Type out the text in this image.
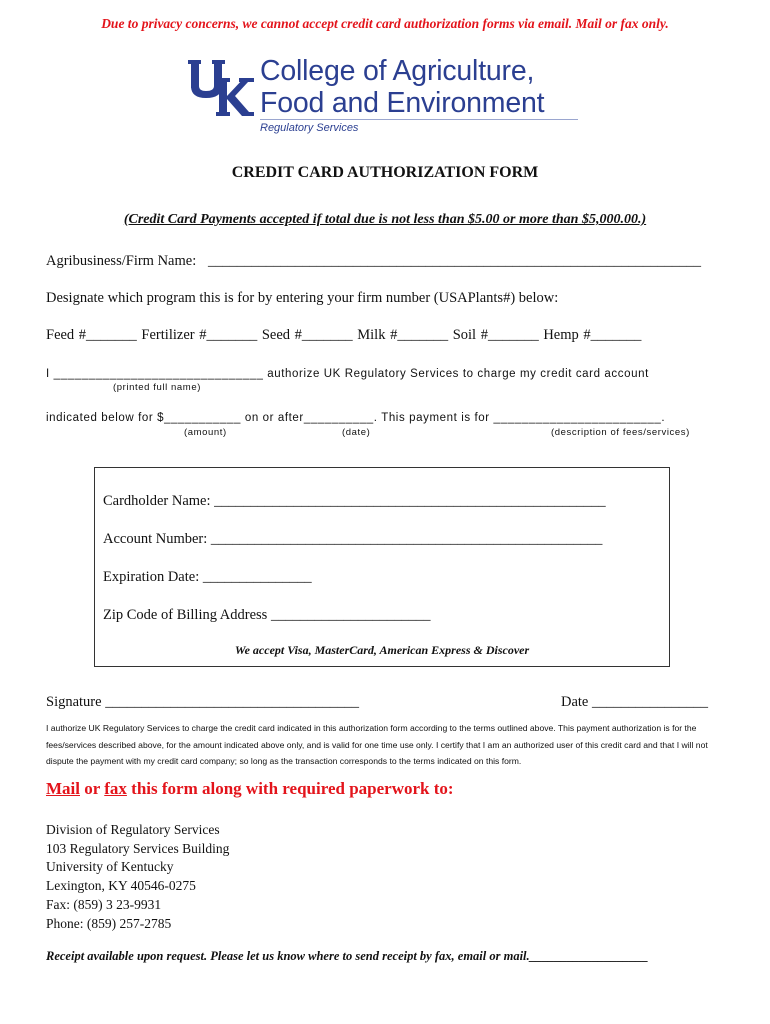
Due to privacy concerns, we cannot accept credit card authorization forms via email. Mail or fax only.
College of Agriculture,
Food and Environment
Regulatory Services
CREDIT CARD AUTHORIZATION FORM
(Credit Card Payments accepted if total due is not less than $5.00 or more than $5,000.00.)
Agribusiness/Firm Name: ____________________________________________________________________
Designate which program this is for by entering your firm number (USAPlants#) below:
Feed #_______ Fertilizer #_______ Seed #_______ Milk #_______ Soil #_______ Hemp #_______
I ______________________________ authorize UK Regulatory Services to charge my credit card account
(printed full name)
indicated below for $___________ on or after__________. This payment is for ________________________.
(amount)	(date)	(description of fees/services)
Cardholder Name: ______________________________________________________
Account Number: ______________________________________________________
Expiration Date: _______________
Zip Code of Billing Address ______________________
We accept Visa, MasterCard, American Express & Discover
Signature ___________________________________	Date ________________
I authorize UK Regulatory Services to charge the credit card indicated in this authorization form according to the terms outlined above. This payment authorization is for the fees/services described above, for the amount indicated above only, and is valid for one time use only. I certify that I am an authorized user of this credit card and that I will not dispute the payment with my credit card company; so long as the transaction corresponds to the terms indicated on this form.
Mail or fax this form along with required paperwork to:
Division of Regulatory Services
103 Regulatory Services Building
University of Kentucky
Lexington, KY 40546-0275
Fax: (859) 3 23-9931
Phone: (859) 257-2785
Receipt available upon request. Please let us know where to send receipt by fax, email or mail.___________________
